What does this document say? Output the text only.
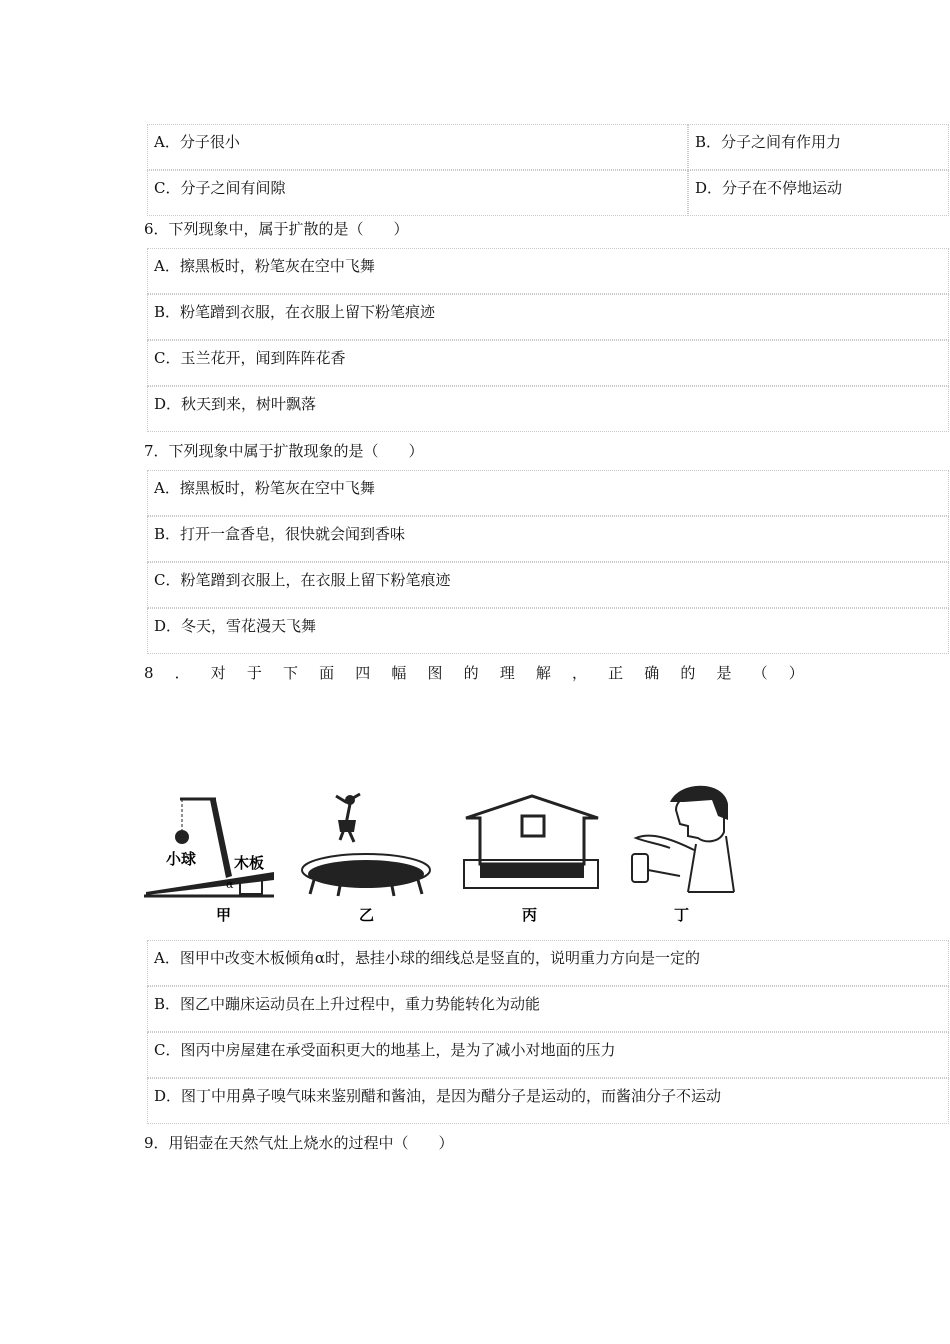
A．分子很小	B．分子之间有作用力
C．分子之间有间隙	D．分子在不停地运动
6．下列现象中，属于扩散的是（　　）
A．擦黑板时，粉笔灰在空中飞舞
B．粉笔蹭到衣服，在衣服上留下粉笔痕迹
C．玉兰花开，闻到阵阵花香
D．秋天到来，树叶飘落
7．下列现象中属于扩散现象的是（　　）
A．擦黑板时，粉笔灰在空中飞舞
B．打开一盒香皂，很快就会闻到香味
C．粉笔蹭到衣服上，在衣服上留下粉笔痕迹
D．冬天，雪花漫天飞舞
8 ． 对 于 下 面 四 幅 图 的 理 解 ， 正 确 的 是 （ ）
小球	木板
α
甲	乙	丙	丁
A．图甲中改变木板倾角α时，悬挂小球的细线总是竖直的，说明重力方向是一定的
B．图乙中蹦床运动员在上升过程中，重力势能转化为动能
C．图丙中房屋建在承受面积更大的地基上，是为了减小对地面的压力
D．图丁中用鼻子嗅气味来鉴别醋和酱油，是因为醋分子是运动的，而酱油分子不运动
9．用铝壶在天然气灶上烧水的过程中（　　）
